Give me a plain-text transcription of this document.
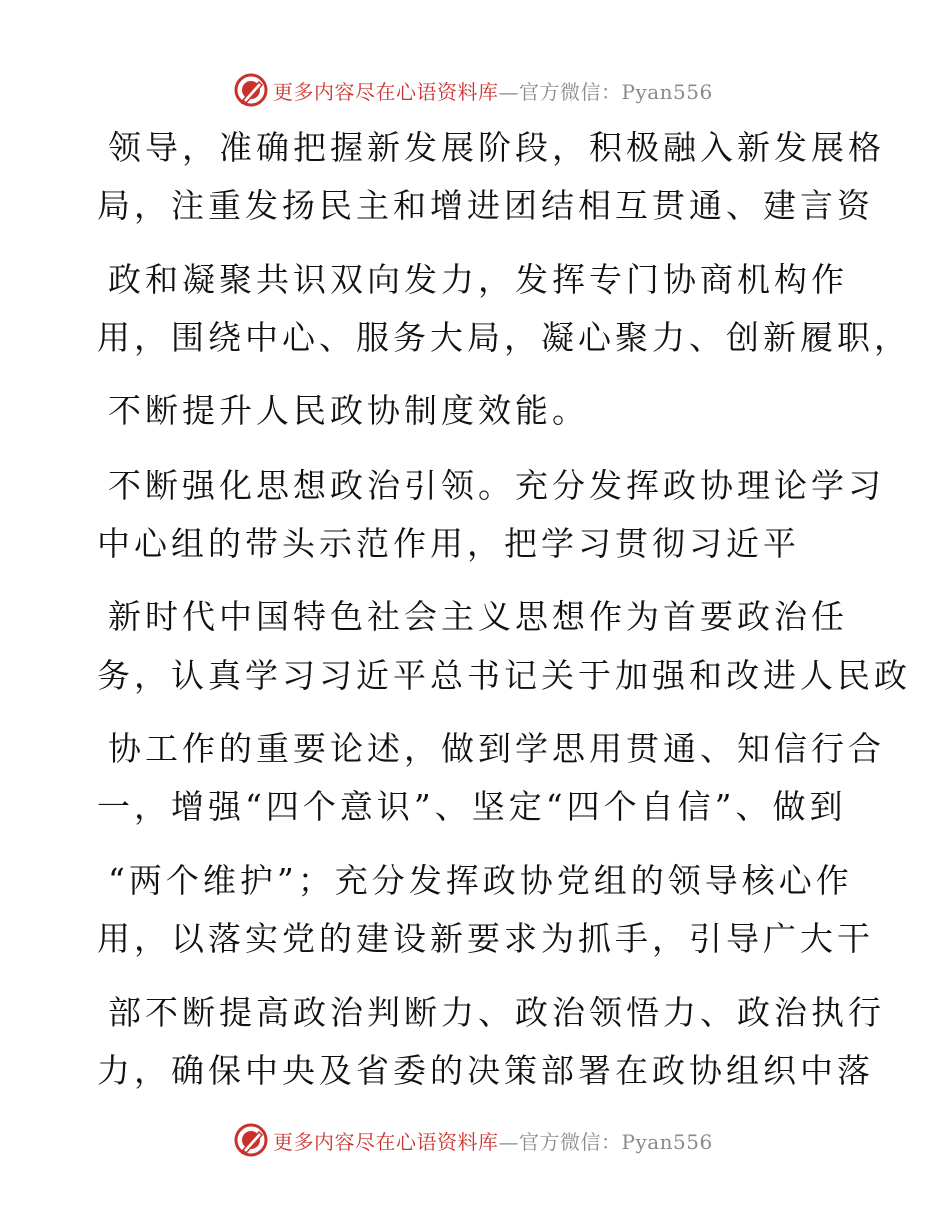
更多内容尽在心语资料库—官方微信：Pyan556
领导，准确把握新发展阶段，积极融入新发展格
局，注重发扬民主和增进团结相互贯通、建言资
政和凝聚共识双向发力，发挥专门协商机构作
用，围绕中心、服务大局，凝心聚力、创新履职，
不断提升人民政协制度效能。
不断强化思想政治引领。充分发挥政协理论学习
中心组的带头示范作用，把学习贯彻习近平
新时代中国特色社会主义思想作为首要政治任
务，认真学习习近平总书记关于加强和改进人民政
协工作的重要论述，做到学思用贯通、知信行合
一，增强“四个意识”、坚定“四个自信”、做到
“两个维护”；充分发挥政协党组的领导核心作
用，以落实党的建设新要求为抓手，引导广大干
部不断提高政治判断力、政治领悟力、政治执行
力，确保中央及省委的决策部署在政协组织中落
更多内容尽在心语资料库—官方微信：Pyan556
